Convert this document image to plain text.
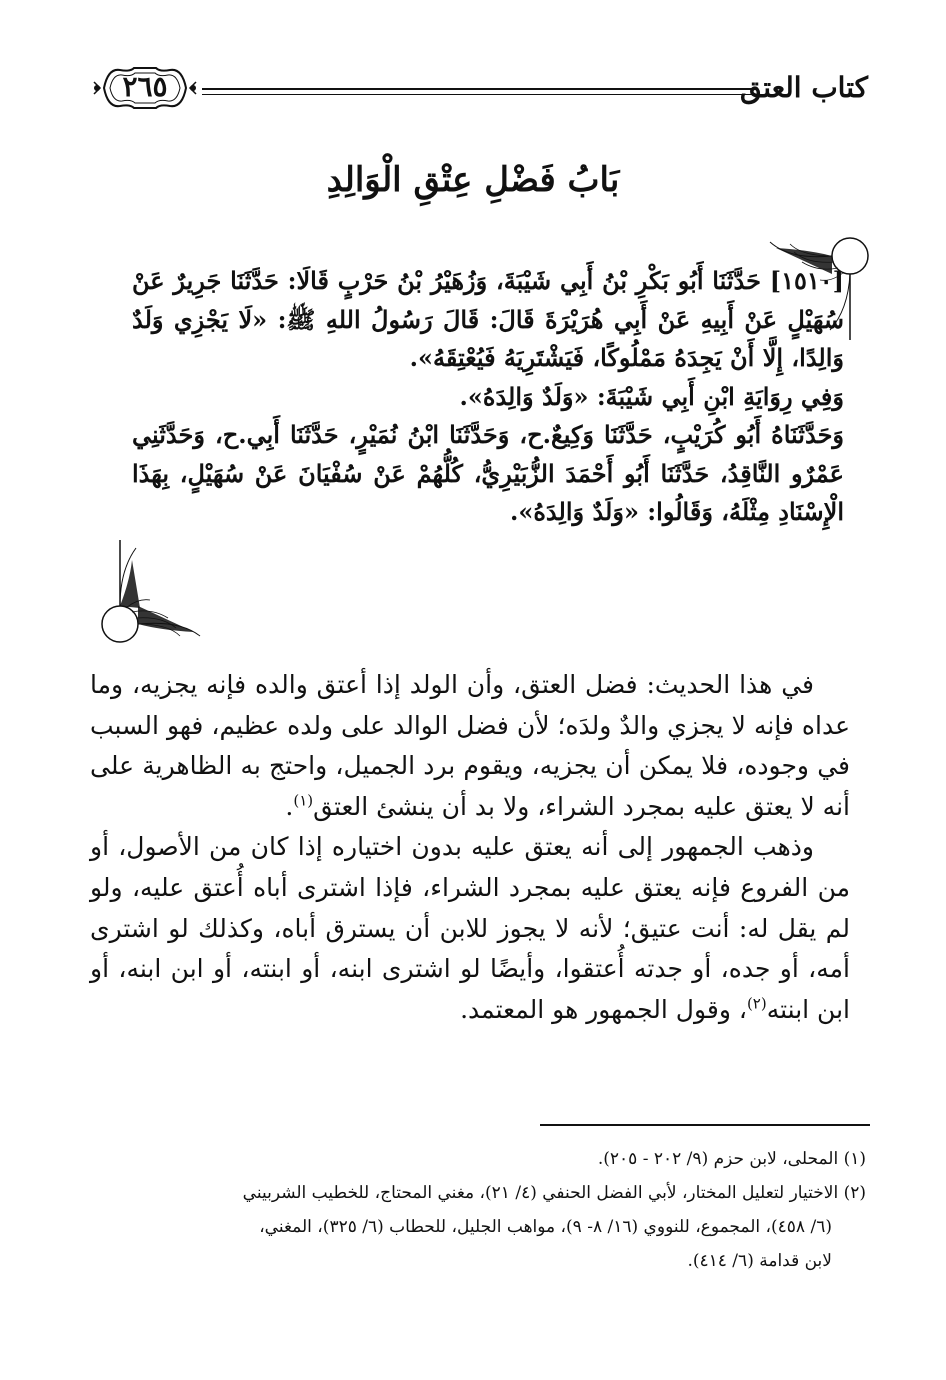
كتاب العتق
٢٦٥
بَابُ فَضْلِ عِتْقِ الْوَالِدِ

[١٥١٠] حَدَّثَنَا أَبُو بَكْرِ بْنُ أَبِي شَيْبَةَ، وَزُهَيْرُ بْنُ حَرْبٍ قَالَا: حَدَّثَنَا جَرِيرٌ عَنْ سُهَيْلٍ عَنْ أَبِيهِ عَنْ أَبِي هُرَيْرَةَ قَالَ: قَالَ رَسُولُ اللهِ ﷺ: «لَا يَجْزِي وَلَدٌ وَالِدًا، إِلَّا أَنْ يَجِدَهُ مَمْلُوكًا، فَيَشْتَرِيَهُ فَيُعْتِقَهُ».

وَفِي رِوَايَةِ ابْنِ أَبِي شَيْبَةَ: «وَلَدٌ وَالِدَهُ».

وَحَدَّثَنَاهُ أَبُو كُرَيْبٍ، حَدَّثَنَا وَكِيعٌ.ح، وَحَدَّثَنَا ابْنُ نُمَيْرٍ، حَدَّثَنَا أَبِي.ح، وَحَدَّثَنِي عَمْرٌو النَّاقِدُ، حَدَّثَنَا أَبُو أَحْمَدَ الزُّبَيْرِيُّ، كُلُّهُمْ عَنْ سُفْيَانَ عَنْ سُهَيْلٍ، بِهَذَا الْإِسْنَادِ مِثْلَهُ، وَقَالُوا: «وَلَدٌ وَالِدَهُ».

في هذا الحديث: فضل العتق، وأن الولد إذا أعتق والده فإنه يجزيه، وما عداه فإنه لا يجزي والدٌ ولدَه؛ لأن فضل الوالد على ولده عظيم، فهو السبب في وجوده، فلا يمكن أن يجزيه، ويقوم برد الجميل، واحتج به الظاهرية على أنه لا يعتق عليه بمجرد الشراء، ولا بد أن ينشئ العتق$^{(١)}$.

وذهب الجمهور إلى أنه يعتق عليه بدون اختياره إذا كان من الأصول، أو من الفروع فإنه يعتق عليه بمجرد الشراء، فإذا اشترى أباه أُعتق عليه، ولو لم يقل له: أنت عتيق؛ لأنه لا يجوز للابن أن يسترق أباه، وكذلك لو اشترى أمه، أو جده، أو جدته أُعتقوا، وأيضًا لو اشترى ابنه، أو ابنته، أو ابن ابنه، أو ابن ابنته$^{(٢)}$، وقول الجمهور هو المعتمد.

(١) المحلى، لابن حزم (٩/ ٢٠٢ - ٢٠٥).

(٢) الاختيار لتعليل المختار، لأبي الفضل الحنفي (٤/ ٢١)، مغني المحتاج، للخطيب الشربيني

(٦/ ٤٥٨)، المجموع، للنووي (١٦/ ٨- ٩)، مواهب الجليل، للحطاب (٦/ ٣٢٥)، المغني،

لابن قدامة (٦/ ٤١٤).
